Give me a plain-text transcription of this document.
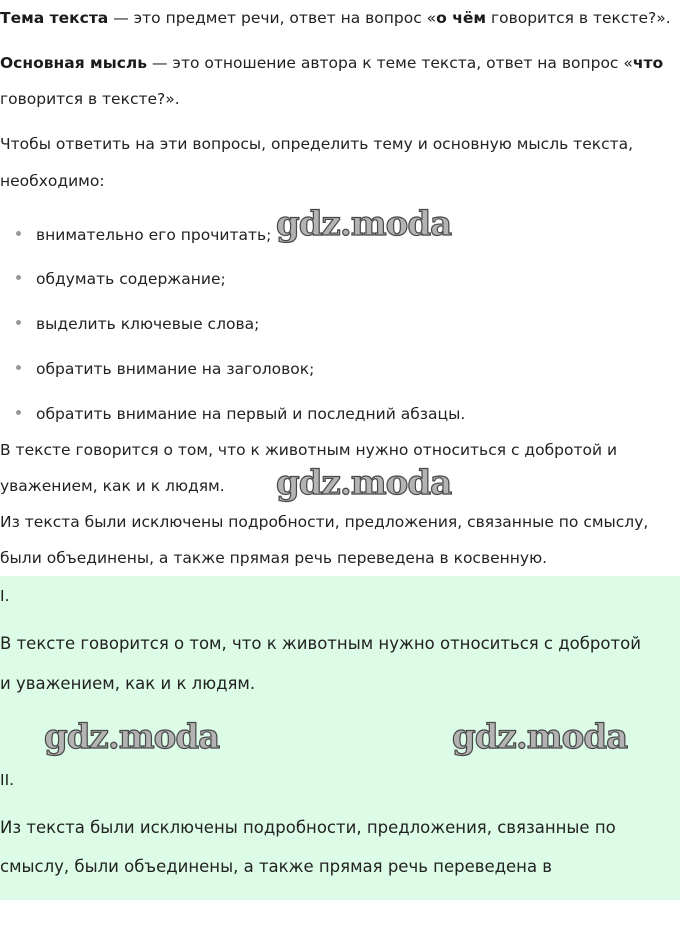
Тема текста — это предмет речи, ответ на вопрос «о чём говорится в тексте?».
Основная мысль — это отношение автора к теме текста, ответ на вопрос «что
говорится в тексте?».
Чтобы ответить на эти вопросы, определить тему и основную мысль текста,
необходимо:
внимательно его прочитать;
обдумать содержание;
выделить ключевые слова;
обратить внимание на заголовок;
обратить внимание на первый и последний абзацы.
В тексте говорится о том, что к животным нужно относиться с добротой и
уважением, как и к людям.
Из текста были исключены подробности, предложения, связанные по смыслу,
были объединены, а также прямая речь переведена в косвенную.
I.
В тексте говорится о том, что к животным нужно относиться с добротой
и уважением, как и к людям.
II.
Из текста были исключены подробности, предложения, связанные по
смыслу, были объединены, а также прямая речь переведена в
gdz.moda
gdz.moda
gdz.moda	gdz.moda
